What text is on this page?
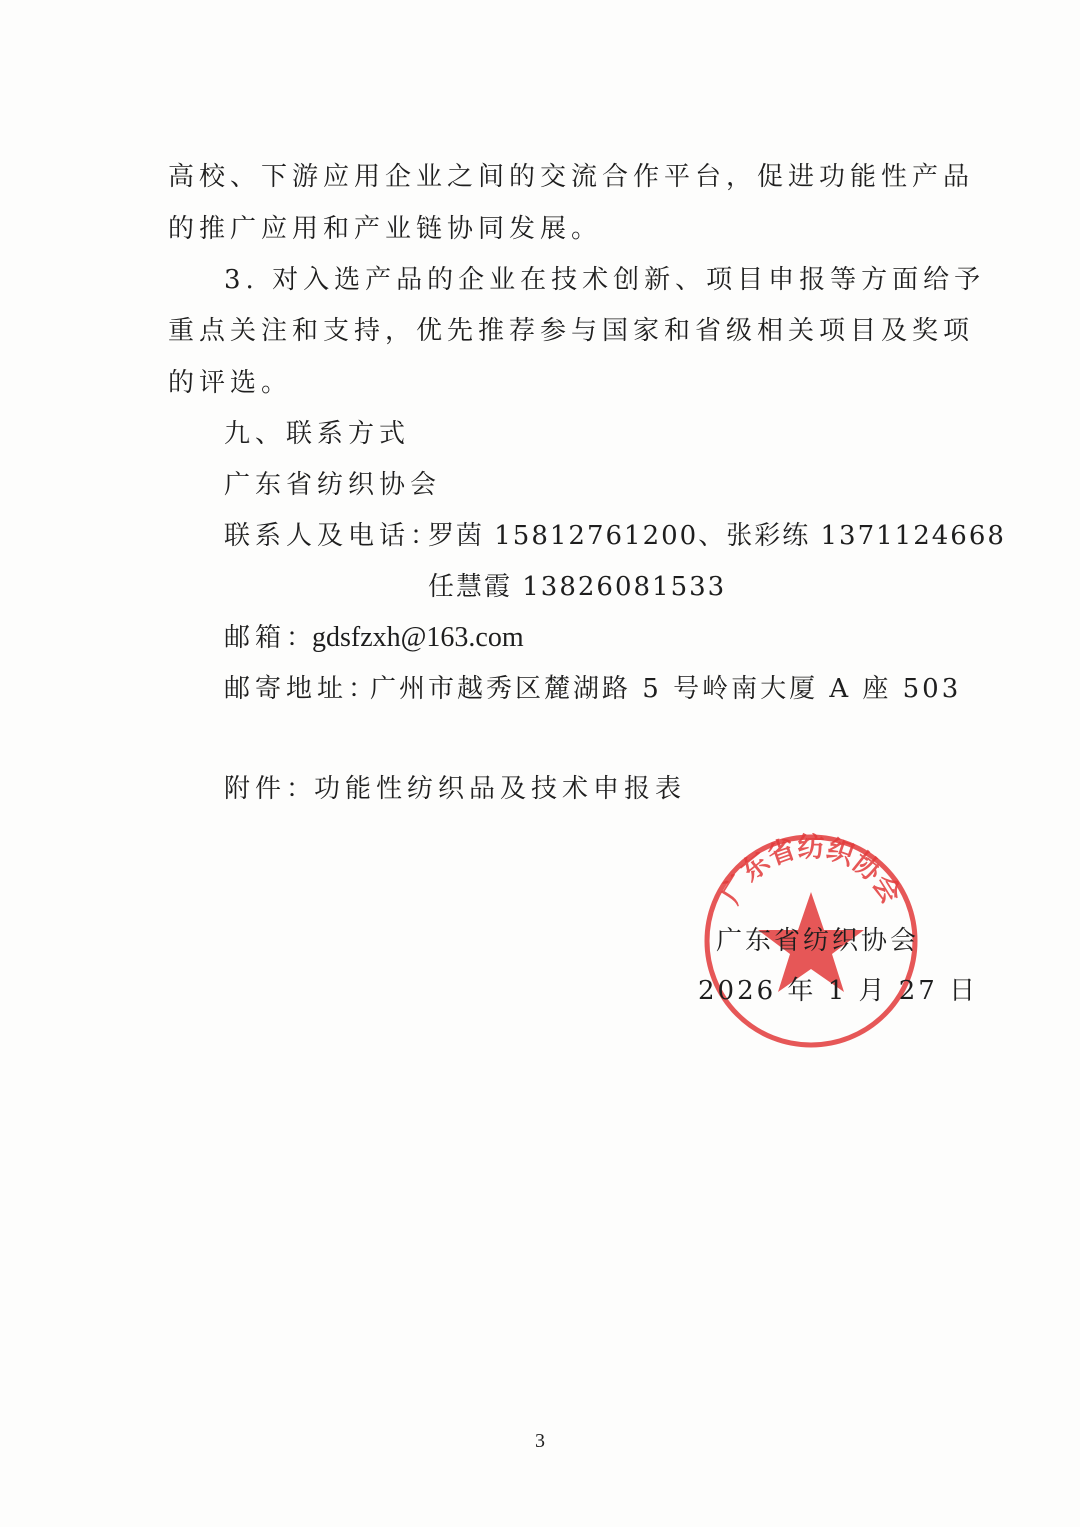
高校、下游应用企业之间的交流合作平台，促进功能性产品
的推广应用和产业链协同发展。
3. 对入选产品的企业在技术创新、项目申报等方面给予
重点关注和支持，优先推荐参与国家和省级相关项目及奖项
的评选。
九、联系方式
广东省纺织协会
联系人及电话：
罗茵 15812761200、张彩练 1371124668
任慧霞 13826081533
邮箱：
gdsfzxh@163.com
邮寄地址：
广州市越秀区麓湖路 5 号岭南大厦 A 座 503
附件：
功能性纺织品及技术申报表
广东省纺织协会
广东省纺织协会
2026 年 1 月 27 日
3
